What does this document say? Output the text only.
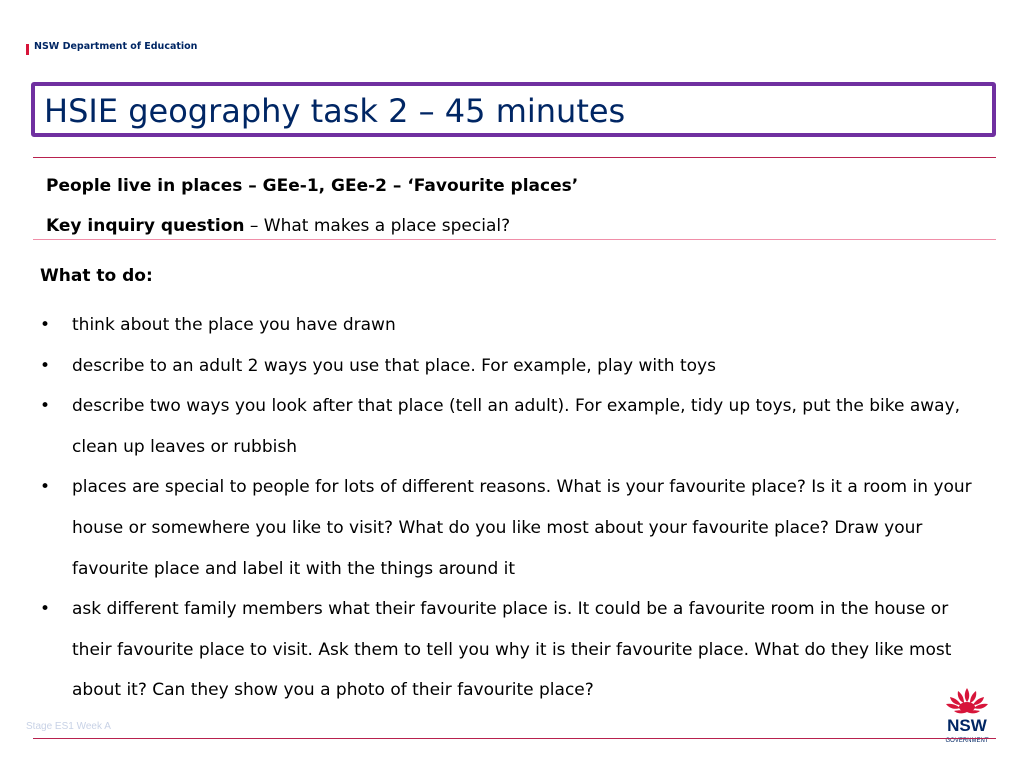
NSW Department of Education
HSIE geography task 2 – 45 minutes
People live in places – GEe-1, GEe-2 – ‘Favourite places’
Key inquiry question – What makes a place special?
What to do:
• think about the place you have drawn
• describe to an adult 2 ways you use that place. For example, play with toys
• describe two ways you look after that place (tell an adult). For example, tidy up toys, put the bike away, clean up leaves or rubbish
• places are special to people for lots of different reasons. What is your favourite place? Is it a room in your house or somewhere you like to visit? What do you like most about your favourite place? Draw your favourite place and label it with the things around it
• ask different family members what their favourite place is. It could be a favourite room in the house or their favourite place to visit. Ask them to tell you why it is their favourite place. What do they like most about it? Can they show you a photo of their favourite place?
Stage ES1 Week A	NSW
GOVERNMENT
